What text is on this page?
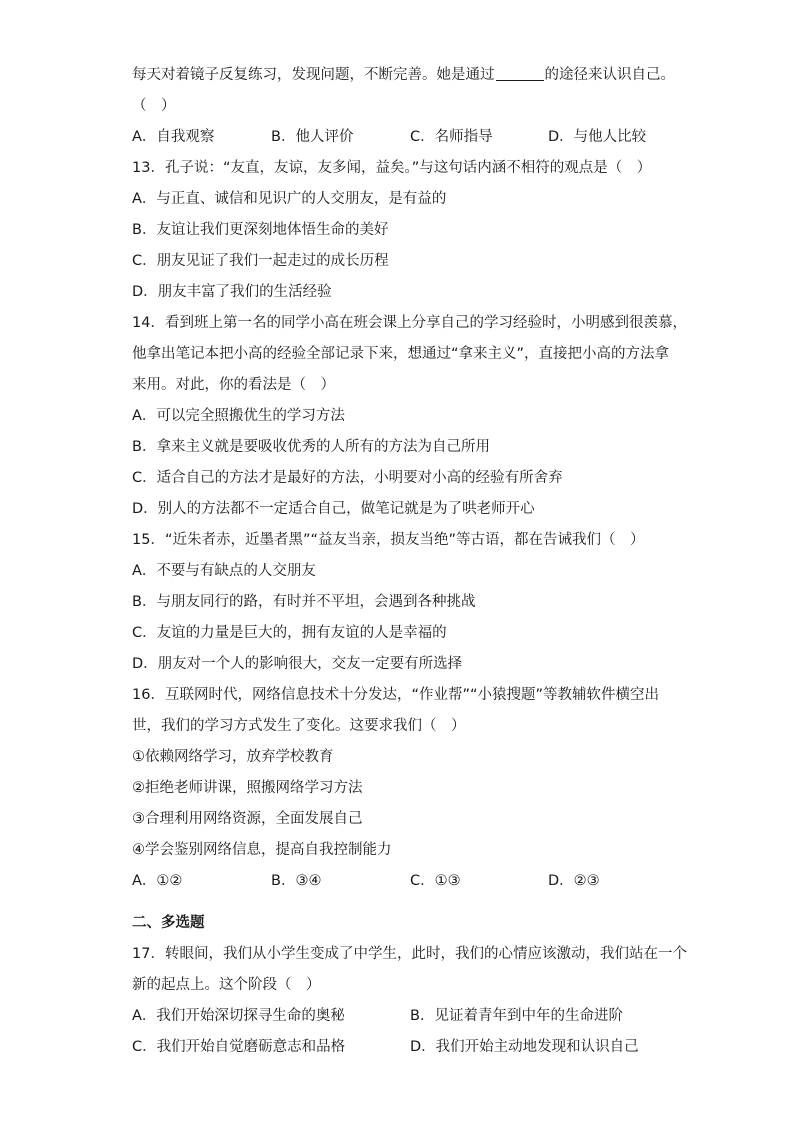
每天对着镜子反复练习，发现问题，不断完善。她是通过	的途径来认识自己。
（　）
A．自我观察	B．他人评价	C．名师指导	D．与他人比较
13．孔子说：“友直，友谅，友多闻，益矣。”与这句话内涵不相符的观点是（　）
A．与正直、诚信和见识广的人交朋友，是有益的
B．友谊让我们更深刻地体悟生命的美好
C．朋友见证了我们一起走过的成长历程
D．朋友丰富了我们的生活经验
14．看到班上第一名的同学小高在班会课上分享自己的学习经验时，小明感到很羡慕，
他拿出笔记本把小高的经验全部记录下来，想通过“拿来主义”，直接把小高的方法拿
来用。对此，你的看法是（　）
A．可以完全照搬优生的学习方法
B．拿来主义就是要吸收优秀的人所有的方法为自己所用
C．适合自己的方法才是最好的方法，小明要对小高的经验有所舍弃
D．别人的方法都不一定适合自己，做笔记就是为了哄老师开心
15．“近朱者赤，近墨者黑”“益友当亲，损友当绝”等古语，都在告诫我们（　）
A．不要与有缺点的人交朋友
B．与朋友同行的路，有时并不平坦，会遇到各种挑战
C．友谊的力量是巨大的，拥有友谊的人是幸福的
D．朋友对一个人的影响很大，交友一定要有所选择
16．互联网时代，网络信息技术十分发达，“作业帮”“小猿搜题”等教辅软件横空出
世，我们的学习方式发生了变化。这要求我们（　）
①依赖网络学习，放弃学校教育
②拒绝老师讲课，照搬网络学习方法
③合理利用网络资源，全面发展自己
④学会鉴别网络信息，提高自我控制能力
A．①②	B．③④	C．①③	D．②③
二、多选题
17．转眼间，我们从小学生变成了中学生，此时，我们的心情应该激动，我们站在一个
新的起点上。这个阶段（　）
A．我们开始深切探寻生命的奥秘	B．见证着青年到中年的生命进阶
C．我们开始自觉磨砺意志和品格	D．我们开始主动地发现和认识自己
